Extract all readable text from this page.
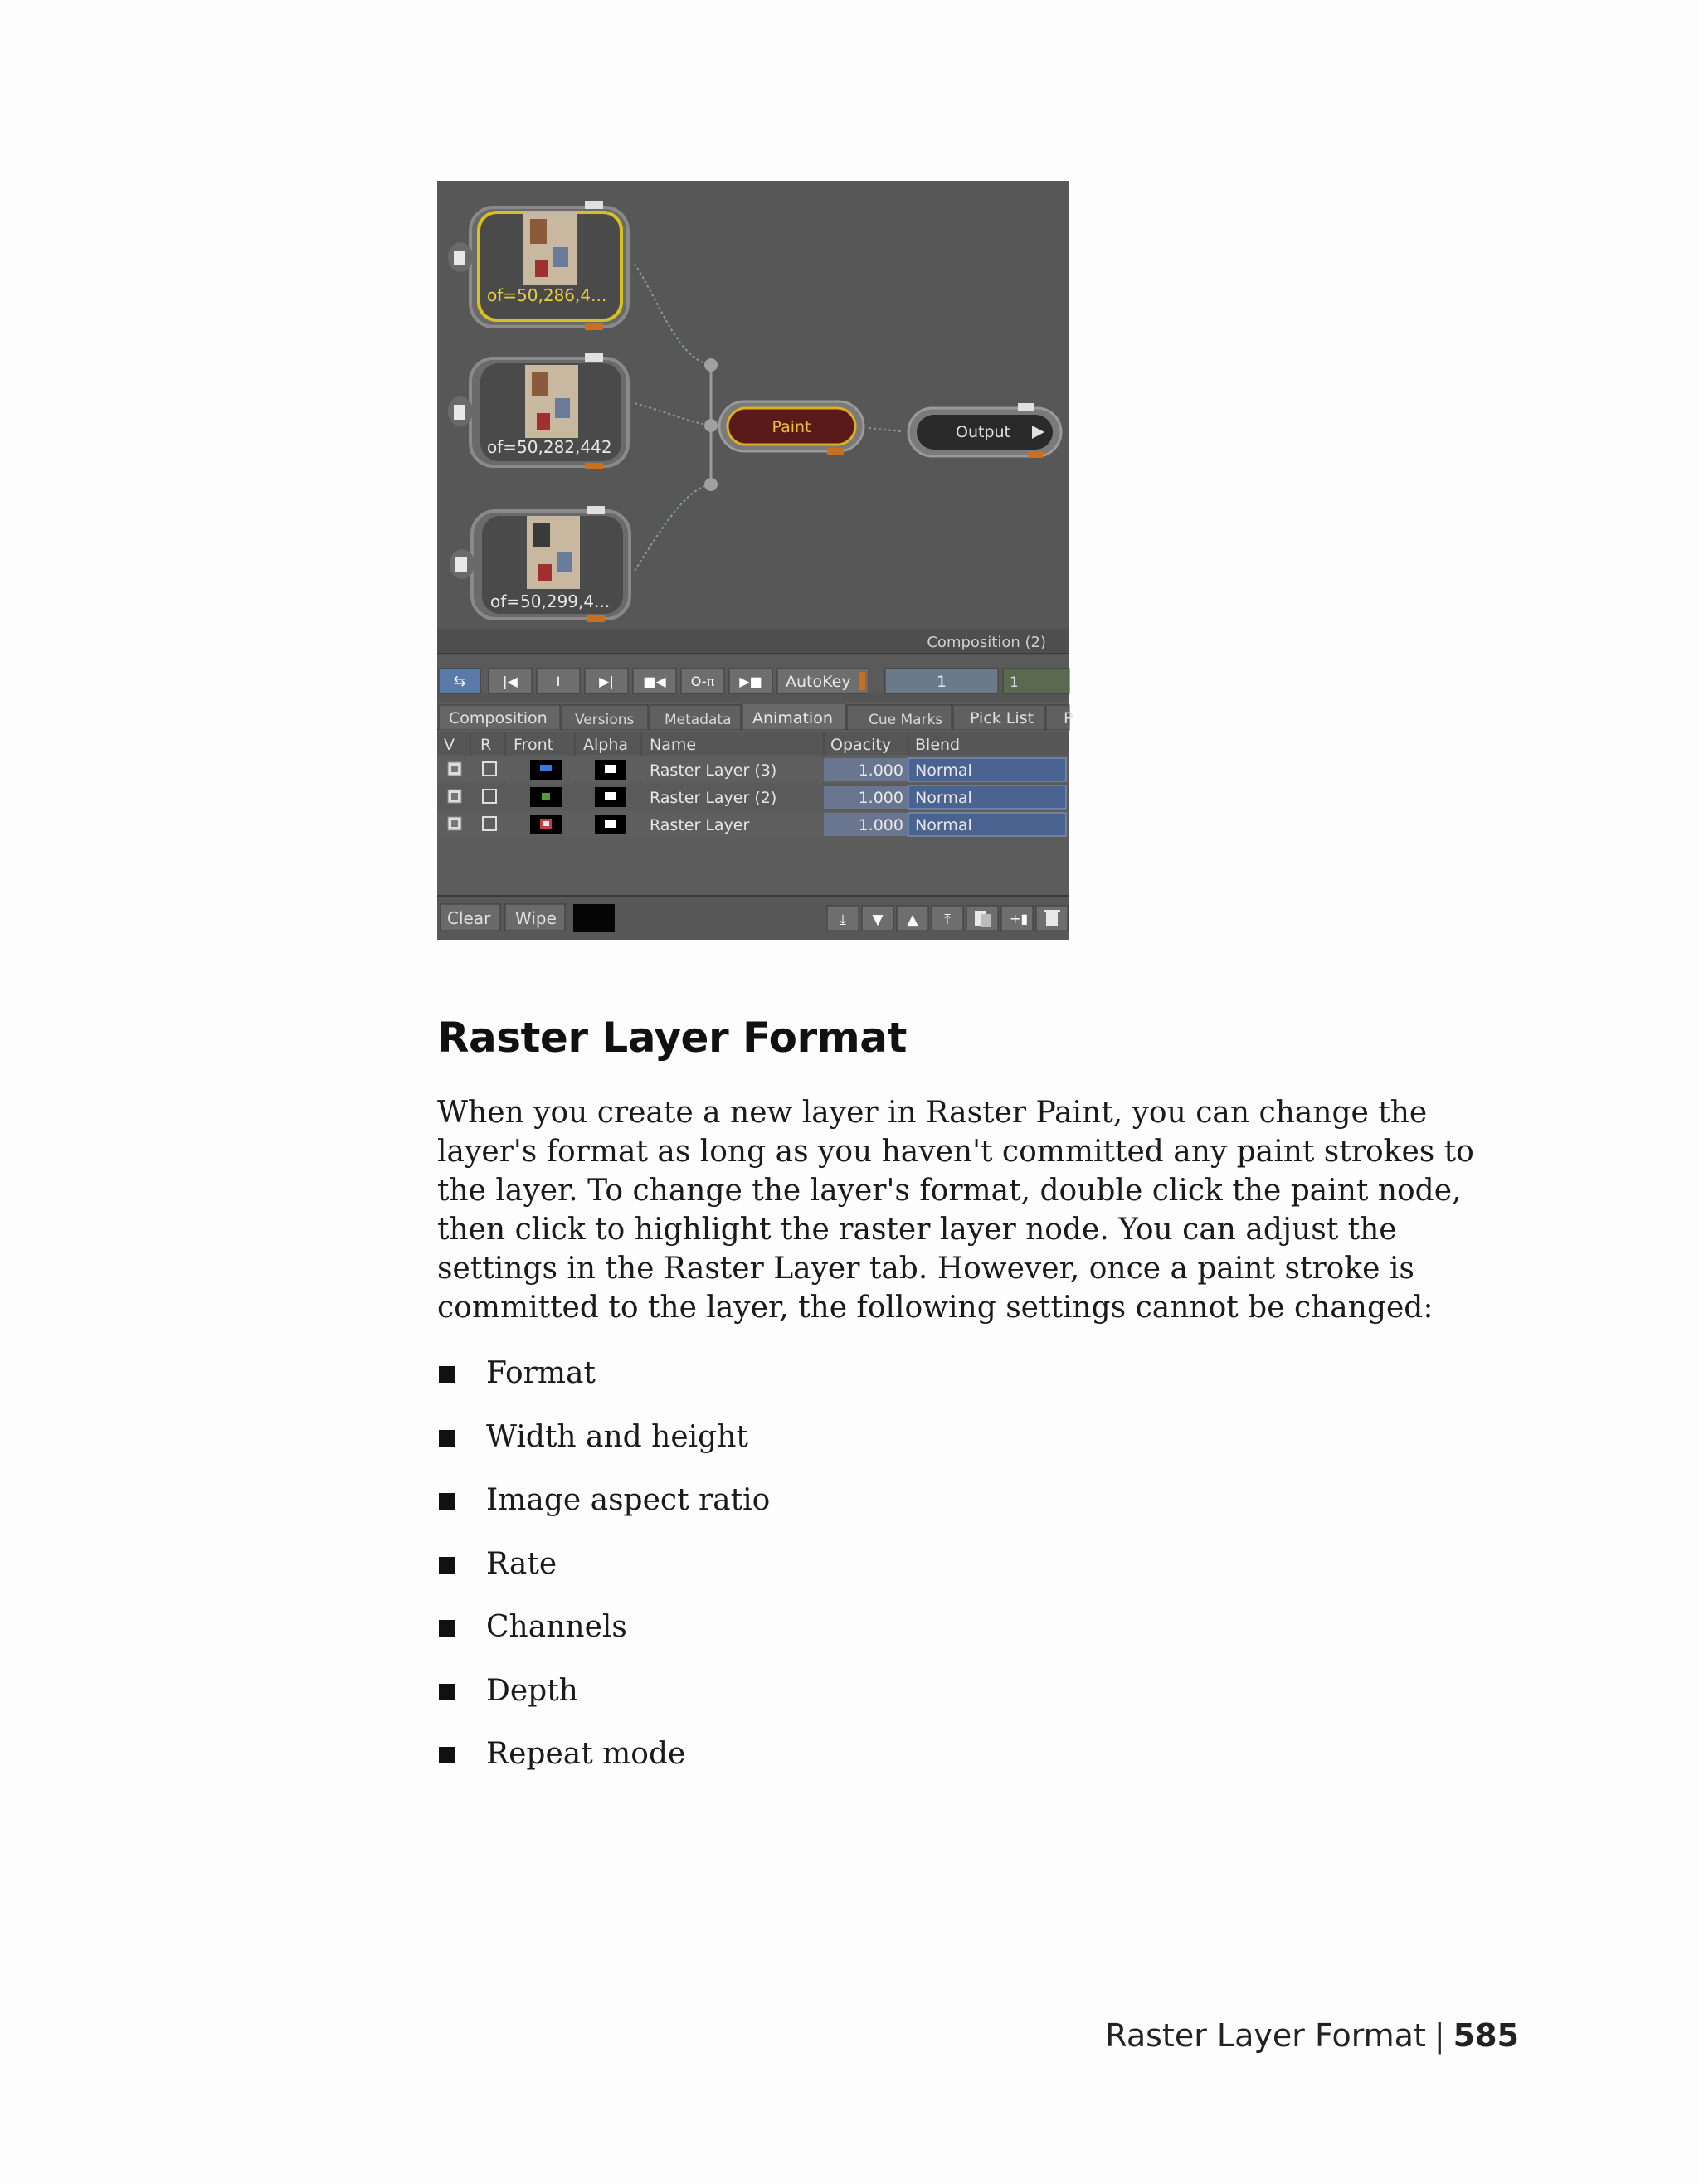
of=50,286,4...
of=50,282,442
of=50,299,4...
Paint	Output
Composition (2)
⇆	|◀	I	▶| ■◀ O-π ▶■ AutoKey	1	1
Composition Versions Metadata Animation	Cue Marks Pick List P
V R Front Alpha Name	Opacity Blend
Raster Layer (3)	1.000 Normal
Raster Layer (2)	1.000 Normal
Raster Layer	1.000 Normal
Clear Wipe	⤓ ▼ ▲ ⤒	+▮
Raster Layer Format

When you create a new layer in Raster Paint, you can change the layer's format as long as you haven't committed any paint strokes to the layer. To change the layer's format, double click the paint node, then click to highlight the raster layer node. You can adjust the settings in the Raster Layer tab. However, once a paint stroke is committed to the layer, the following settings cannot be changed:

Format
Width and height
Image aspect ratio
Rate
Channels
Depth
Repeat mode
Raster Layer Format | 585
